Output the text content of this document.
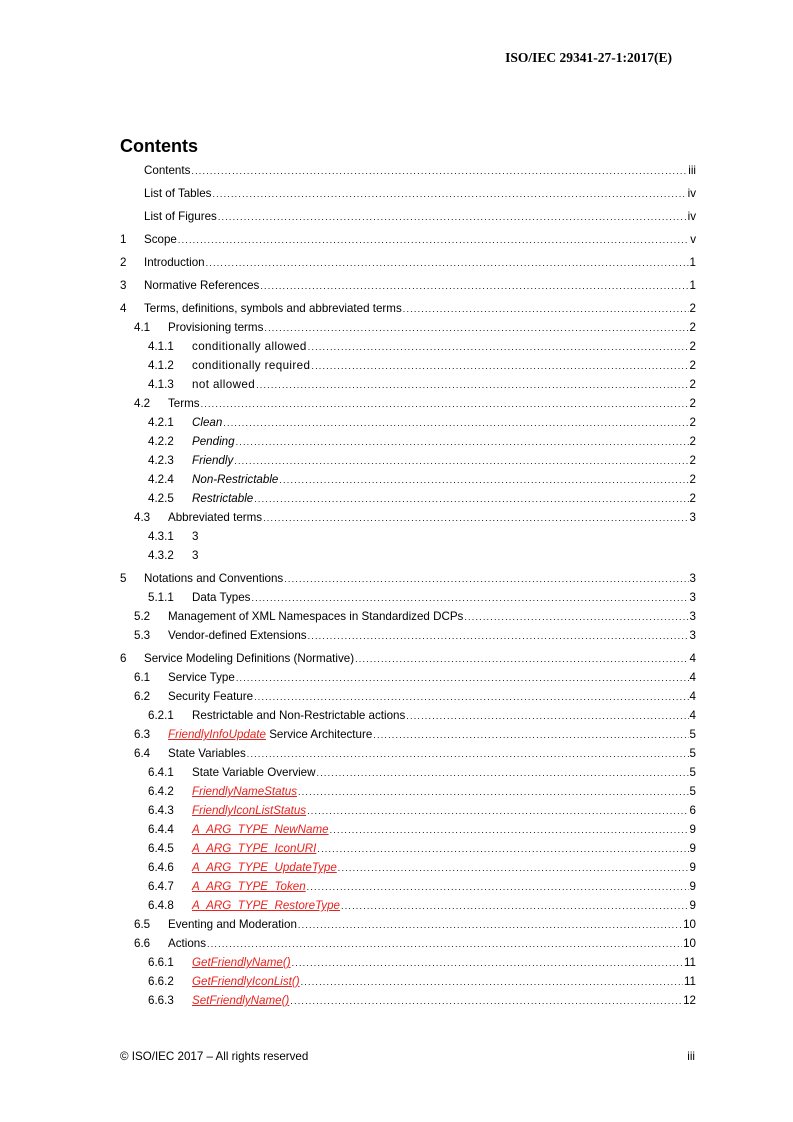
ISO/IEC 29341-27-1:2017(E)
Contents
Contents .....	iii
List of Tables .....	iv
List of Figures .....	iv
1	Scope .....	v
2	Introduction .....	1
3	Normative References .....	1
4	Terms, definitions, symbols and abbreviated terms .....	2
4.1	Provisioning terms .....	2
4.1.1	conditionally allowed .....	2
4.1.2	conditionally required .....	2
4.1.3	not allowed .....	2
4.2	Terms .....	2
4.2.1	Clean .....	2
4.2.2	Pending .....	2
4.2.3	Friendly .....	2
4.2.4	Non-Restrictable .....	2
4.2.5	Restrictable .....	2
4.3	Abbreviated terms .....	3
4.3.1	3
4.3.2	3
5	Notations and Conventions .....	3
5.1.1	Data Types .....	3
5.2	Management of XML Namespaces in Standardized DCPs .....	3
5.3	Vendor-defined Extensions .....	3
6	Service Modeling Definitions (Normative) .....	4
6.1	Service Type .....	4
6.2	Security Feature .....	4
6.2.1	Restrictable and Non-Restrictable actions .....	4
6.3	FriendlyInfoUpdate Service Architecture .....	5
6.4	State Variables .....	5
6.4.1	State Variable Overview .....	5
6.4.2	FriendlyNameStatus .....	5
6.4.3	FriendlyIconListStatus .....	6
6.4.4	A_ARG_TYPE_NewName .....	9
6.4.5	A_ARG_TYPE_IconURI .....	9
6.4.6	A_ARG_TYPE_UpdateType .....	9
6.4.7	A_ARG_TYPE_Token .....	9
6.4.8	A_ARG_TYPE_RestoreType .....	9
6.5	Eventing and Moderation .....	10
6.6	Actions .....	10
6.6.1	GetFriendlyName() .....	11
6.6.2	GetFriendlyIconList() .....	11
6.6.3	SetFriendlyName() .....	12
© ISO/IEC 2017 – All rights reserved	iii
